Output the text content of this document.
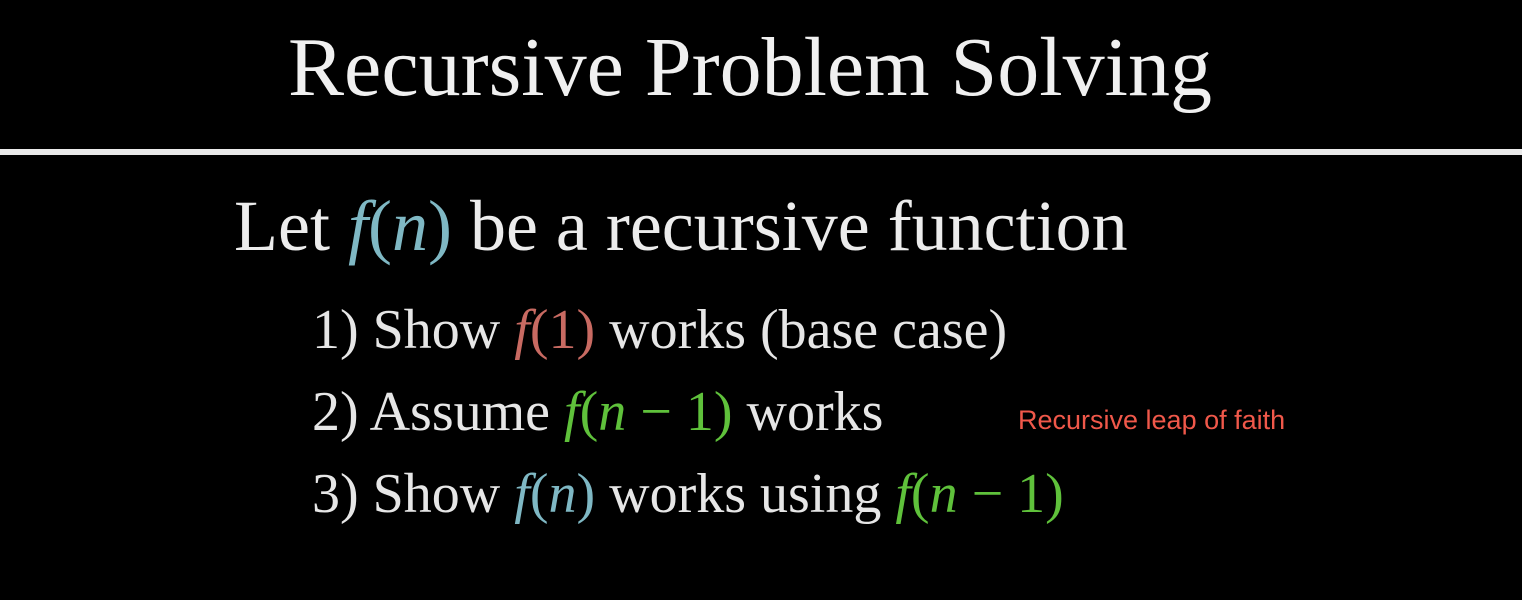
Recursive Problem Solving
Let f(n) be a recursive function
1) Show f(1) works (base case)
2) Assume f(n − 1) works	Recursive leap of faith
3) Show f(n) works using f(n − 1)
